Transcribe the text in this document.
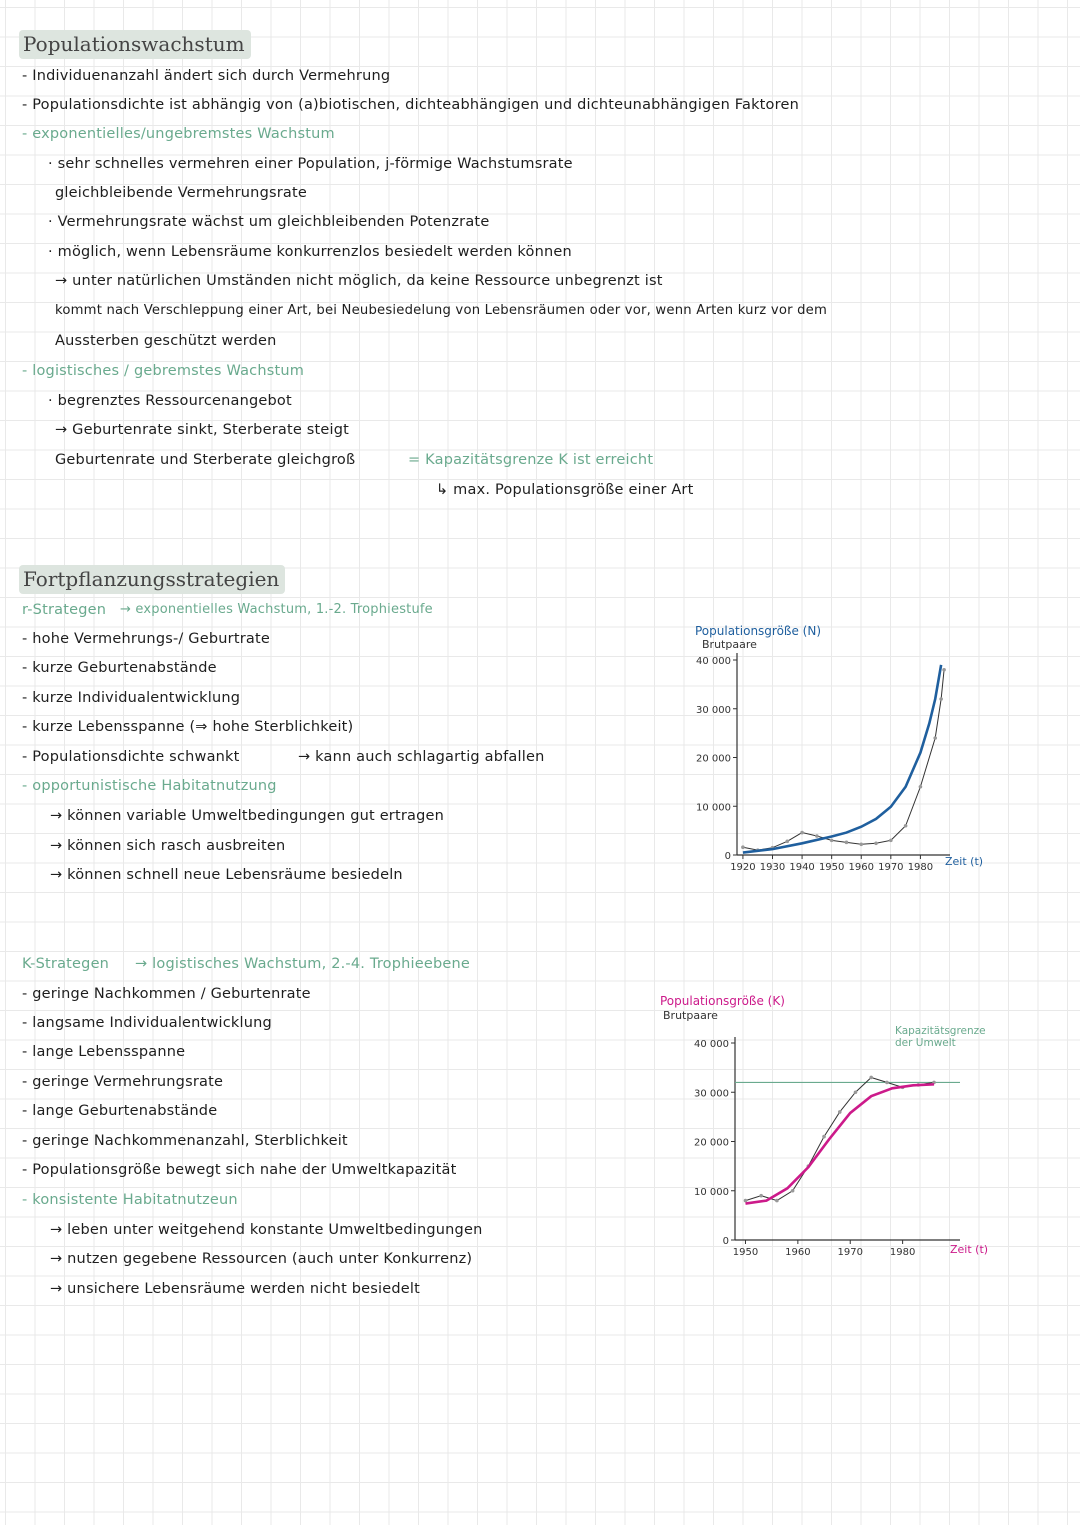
Populationswachstum
- Individuenanzahl ändert sich durch Vermehrung
- Populationsdichte ist abhängig von (a)biotischen, dichteabhängigen und dichteunabhängigen Faktoren
- exponentielles/ungebremstes Wachstum
· sehr schnelles vermehren einer Population, j-förmige Wachstumsrate
gleichbleibende Vermehrungsrate
· Vermehrungsrate wächst um gleichbleibenden Potenzrate
· möglich, wenn Lebensräume konkurrenzlos besiedelt werden können
→ unter natürlichen Umständen nicht möglich, da keine Ressource unbegrenzt ist
kommt nach Verschleppung einer Art, bei Neubesiedelung von Lebensräumen oder vor, wenn Arten kurz vor dem
Aussterben geschützt werden
- logistisches / gebremstes Wachstum
· begrenztes Ressourcenangebot
→ Geburtenrate sinkt, Sterberate steigt
Geburtenrate und Sterberate gleichgroß	= Kapazitätsgrenze K ist erreicht
↳ max. Populationsgröße einer Art
Fortpflanzungsstrategien
r-Strategen → exponentielles Wachstum, 1.-2. Trophiestufe
- hohe Vermehrungs-/ Geburtrate
- kurze Geburtenabstände
- kurze Individualentwicklung
- kurze Lebensspanne (⇒ hohe Sterblichkeit)
- Populationsdichte schwankt	→ kann auch schlagartig abfallen
- opportunistische Habitatnutzung
→ können variable Umweltbedingungen gut ertragen
→ können sich rasch ausbreiten
→ können schnell neue Lebensräume besiedeln
K-Strategen → logistisches Wachstum, 2.-4. Trophieebene
- geringe Nachkommen / Geburtenrate
- langsame Individualentwicklung
- lange Lebensspanne
- geringe Vermehrungsrate
- lange Geburtenabstände
- geringe Nachkommenanzahl, Sterblichkeit
- Populationsgröße bewegt sich nahe der Umweltkapazität
- konsistente Habitatnutzeun
→ leben unter weitgehend konstante Umweltbedingungen
→ nutzen gegebene Ressourcen (auch unter Konkurrenz)
→ unsichere Lebensräume werden nicht besiedelt
Populationsgröße (N)
Brutpaare
0
10 000
20 000
30 000
40 000
1920 1930 1940 1950 1960 1970 1980 Zeit (t)
Populationsgröße (K)
Brutpaare
0
10 000
20 000
30 000
40 000
1950	1960	1970	1980
Kapazitätsgrenze der Umwelt
Zeit (t)
